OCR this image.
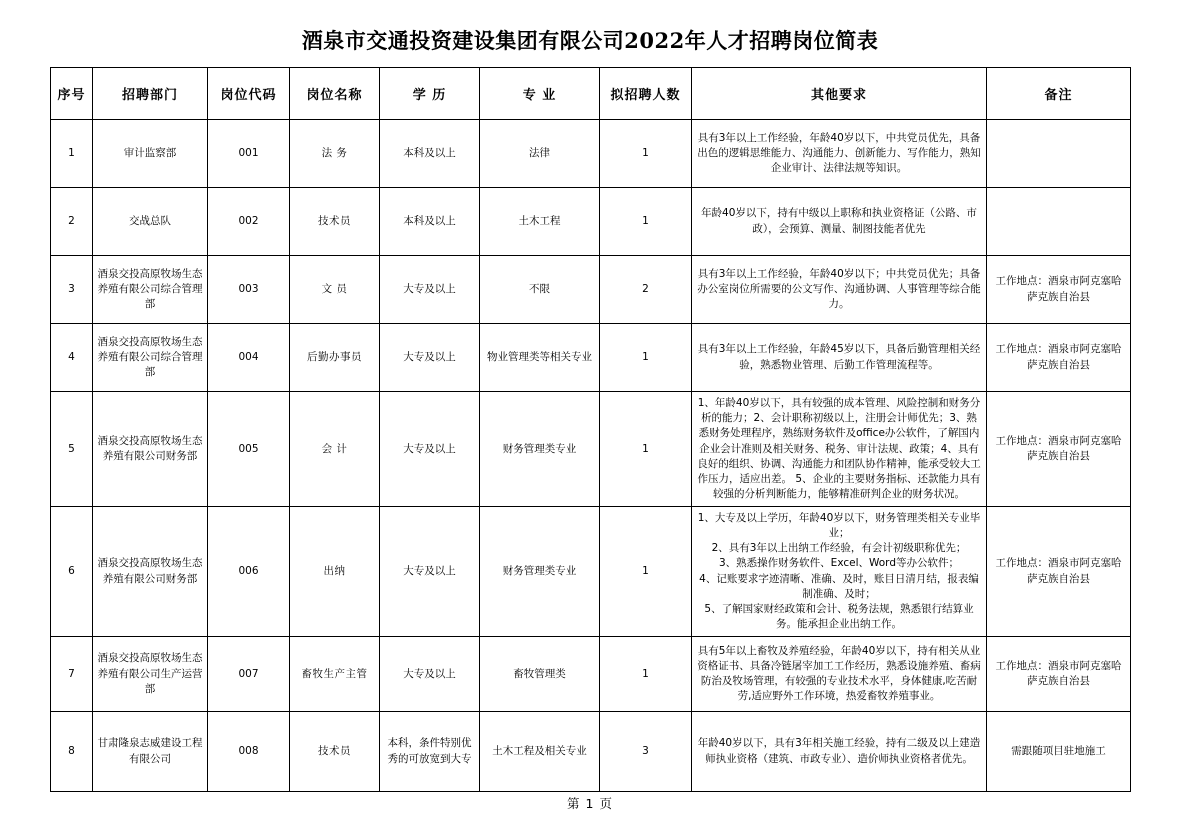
酒泉市交通投资建设集团有限公司2022年人才招聘岗位简表
序号	招聘部门	岗位代码	岗位名称	学 历	专 业	拟招聘人数	其他要求	备注
1	审计监察部	001	法 务	本科及以上	法律	1	具有3年以上工作经验，年龄40岁以下，中共党员优先，具备出色的逻辑思维能力、沟通能力、创新能力、写作能力，熟知企业审计、法律法规等知识。	
2	交战总队	002	技术员	本科及以上	土木工程	1	年龄40岁以下，持有中级以上职称和执业资格证（公路、市政），会预算、测量、制图技能者优先	
3	酒泉交投高原牧场生态养殖有限公司综合管理部	003	文 员	大专及以上	不限	2	具有3年以上工作经验，年龄40岁以下；中共党员优先；具备办公室岗位所需要的公文写作、沟通协调、人事管理等综合能力。	工作地点：酒泉市阿克塞哈萨克族自治县
4	酒泉交投高原牧场生态养殖有限公司综合管理部	004	后勤办事员	大专及以上	物业管理类等相关专业	1	具有3年以上工作经验，年龄45岁以下，具备后勤管理相关经验，熟悉物业管理、后勤工作管理流程等。	工作地点：酒泉市阿克塞哈萨克族自治县
5	酒泉交投高原牧场生态养殖有限公司财务部	005	会 计	大专及以上	财务管理类专业	1	1、年龄40岁以下，具有较强的成本管理、风险控制和财务分析的能力；2、会计职称初级以上，注册会计师优先；3、熟悉财务处理程序，熟练财务软件及office办公软件，了解国内企业会计准则及相关财务、税务、审计法规、政策；4、具有良好的组织、协调、沟通能力和团队协作精神，能承受较大工作压力，适应出差。 5、企业的主要财务指标、还款能力具有较强的分析判断能力，能够精准研判企业的财务状况。	工作地点：酒泉市阿克塞哈萨克族自治县
6	酒泉交投高原牧场生态养殖有限公司财务部	006	出纳	大专及以上	财务管理类专业	1	1、大专及以上学历，年龄40岁以下，财务管理类相关专业毕业；
2、具有3年以上出纳工作经验，有会计初级职称优先；
3、熟悉操作财务软件、Excel、Word等办公软件；
4、记账要求字迹清晰、准确、及时，账目日清月结，报表编制准确、及时；
5、了解国家财经政策和会计、税务法规，熟悉银行结算业务。能承担企业出纳工作。	工作地点：酒泉市阿克塞哈萨克族自治县
7	酒泉交投高原牧场生态养殖有限公司生产运营部	007	畜牧生产主管	大专及以上	畜牧管理类	1	具有5年以上畜牧及养殖经验，年龄40岁以下，持有相关从业资格证书、具备冷链屠宰加工工作经历，熟悉设施养殖、畜病防治及牧场管理，有较强的专业技术水平，身体健康,吃苦耐劳,适应野外工作环境，热爱畜牧养殖事业。	工作地点：酒泉市阿克塞哈萨克族自治县
8	甘肃隆泉志威建设工程有限公司	008	技术员	本科，条件特别优秀的可放宽到大专	土木工程及相关专业	3	年龄40岁以下，具有3年相关施工经验，持有二级及以上建造师执业资格（建筑、市政专业）、造价师执业资格者优先。	需跟随项目驻地施工
第 1 页
